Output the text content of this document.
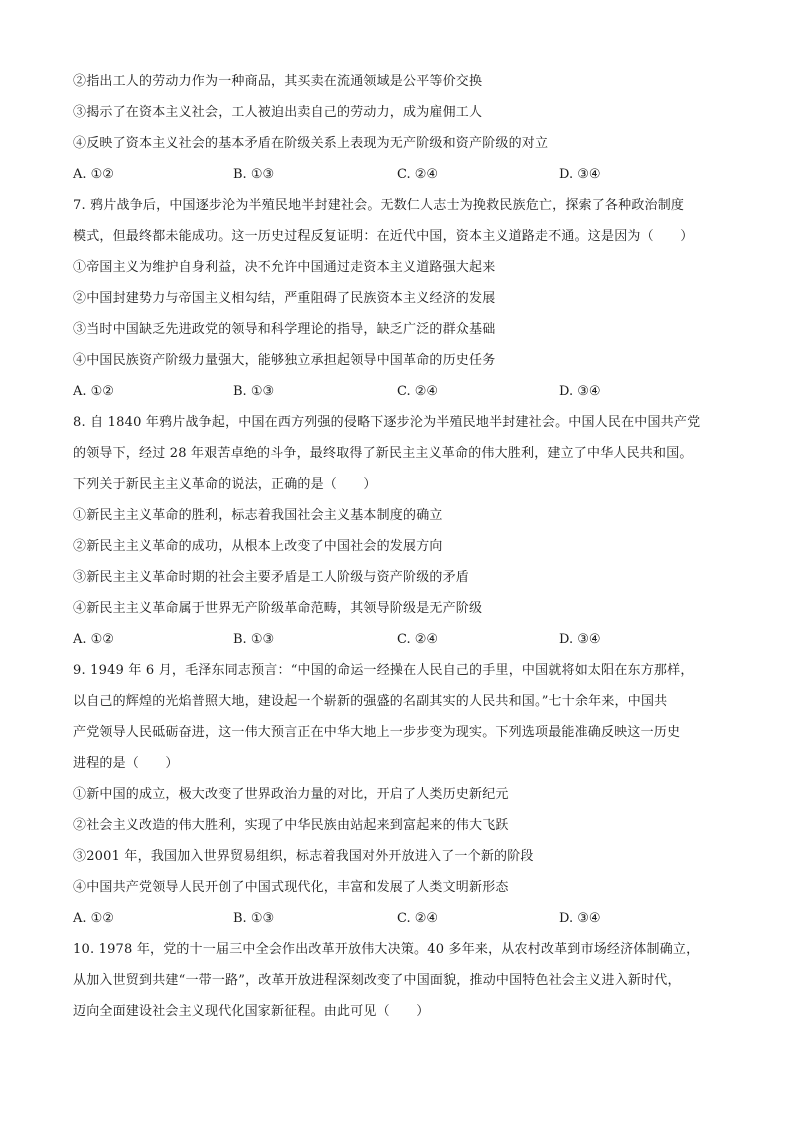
②指出工人的劳动力作为一种商品，其买卖在流通领域是公平等价交换
③揭示了在资本主义社会，工人被迫出卖自己的劳动力，成为雇佣工人
④反映了资本主义社会的基本矛盾在阶级关系上表现为无产阶级和资产阶级的对立
A. ①②	B. ①③	C. ②④	D. ③④
7. 鸦片战争后，中国逐步沦为半殖民地半封建社会。无数仁人志士为挽救民族危亡，探索了各种政治制度
模式，但最终都未能成功。这一历史过程反复证明：在近代中国，资本主义道路走不通。这是因为（　　）
①帝国主义为维护自身利益，决不允许中国通过走资本主义道路强大起来
②中国封建势力与帝国主义相勾结，严重阻碍了民族资本主义经济的发展
③当时中国缺乏先进政党的领导和科学理论的指导，缺乏广泛的群众基础
④中国民族资产阶级力量强大，能够独立承担起领导中国革命的历史任务
A. ①②	B. ①③	C. ②④	D. ③④
8. 自 1840 年鸦片战争起，中国在西方列强的侵略下逐步沦为半殖民地半封建社会。中国人民在中国共产党
的领导下，经过 28 年艰苦卓绝的斗争，最终取得了新民主主义革命的伟大胜利，建立了中华人民共和国。
下列关于新民主主义革命的说法，正确的是（　　）
①新民主主义革命的胜利，标志着我国社会主义基本制度的确立
②新民主主义革命的成功，从根本上改变了中国社会的发展方向
③新民主主义革命时期的社会主要矛盾是工人阶级与资产阶级的矛盾
④新民主主义革命属于世界无产阶级革命范畴，其领导阶级是无产阶级
A. ①②	B. ①③	C. ②④	D. ③④
9. 1949 年 6 月，毛泽东同志预言：“中国的命运一经操在人民自己的手里，中国就将如太阳在东方那样，
以自己的辉煌的光焰普照大地，建设起一个崭新的强盛的名副其实的人民共和国。”七十余年来，中国共
产党领导人民砥砺奋进，这一伟大预言正在中华大地上一步步变为现实。下列选项最能准确反映这一历史
进程的是（　　）
①新中国的成立，极大改变了世界政治力量的对比，开启了人类历史新纪元
②社会主义改造的伟大胜利，实现了中华民族由站起来到富起来的伟大飞跃
③2001 年，我国加入世界贸易组织，标志着我国对外开放进入了一个新的阶段
④中国共产党领导人民开创了中国式现代化，丰富和发展了人类文明新形态
A. ①②	B. ①③	C. ②④	D. ③④
10. 1978 年，党的十一届三中全会作出改革开放伟大决策。40 多年来，从农村改革到市场经济体制确立，
从加入世贸到共建“一带一路”，改革开放进程深刻改变了中国面貌，推动中国特色社会主义进入新时代，
迈向全面建设社会主义现代化国家新征程。由此可见（　　）
